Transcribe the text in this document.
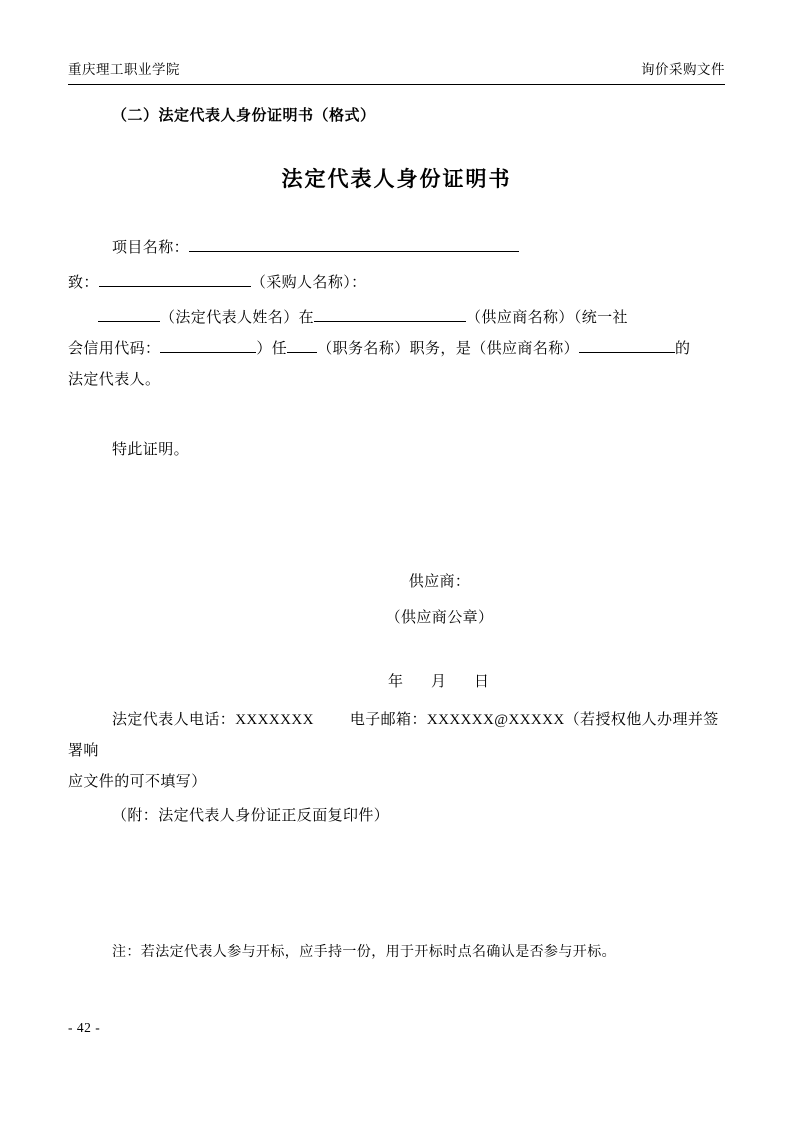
重庆理工职业学院	询价采购文件
（二）法定代表人身份证明书（格式）
法定代表人身份证明书
项目名称：
致：	（采购人名称）：
（法定代表人姓名）在	（供应商名称）（统一社
会信用代码：	）任 （职务名称）职务，是（供应商名称）	的
法定代表人。
特此证明。
供应商：
（供应商公章）
年 月 日
法定代表人电话：XXXXXXX 电子邮箱：XXXXXX@XXXXX（若授权他人办理并签署响
应文件的可不填写）
（附：法定代表人身份证正反面复印件）
注：若法定代表人参与开标，应手持一份，用于开标时点名确认是否参与开标。
- 42 -
